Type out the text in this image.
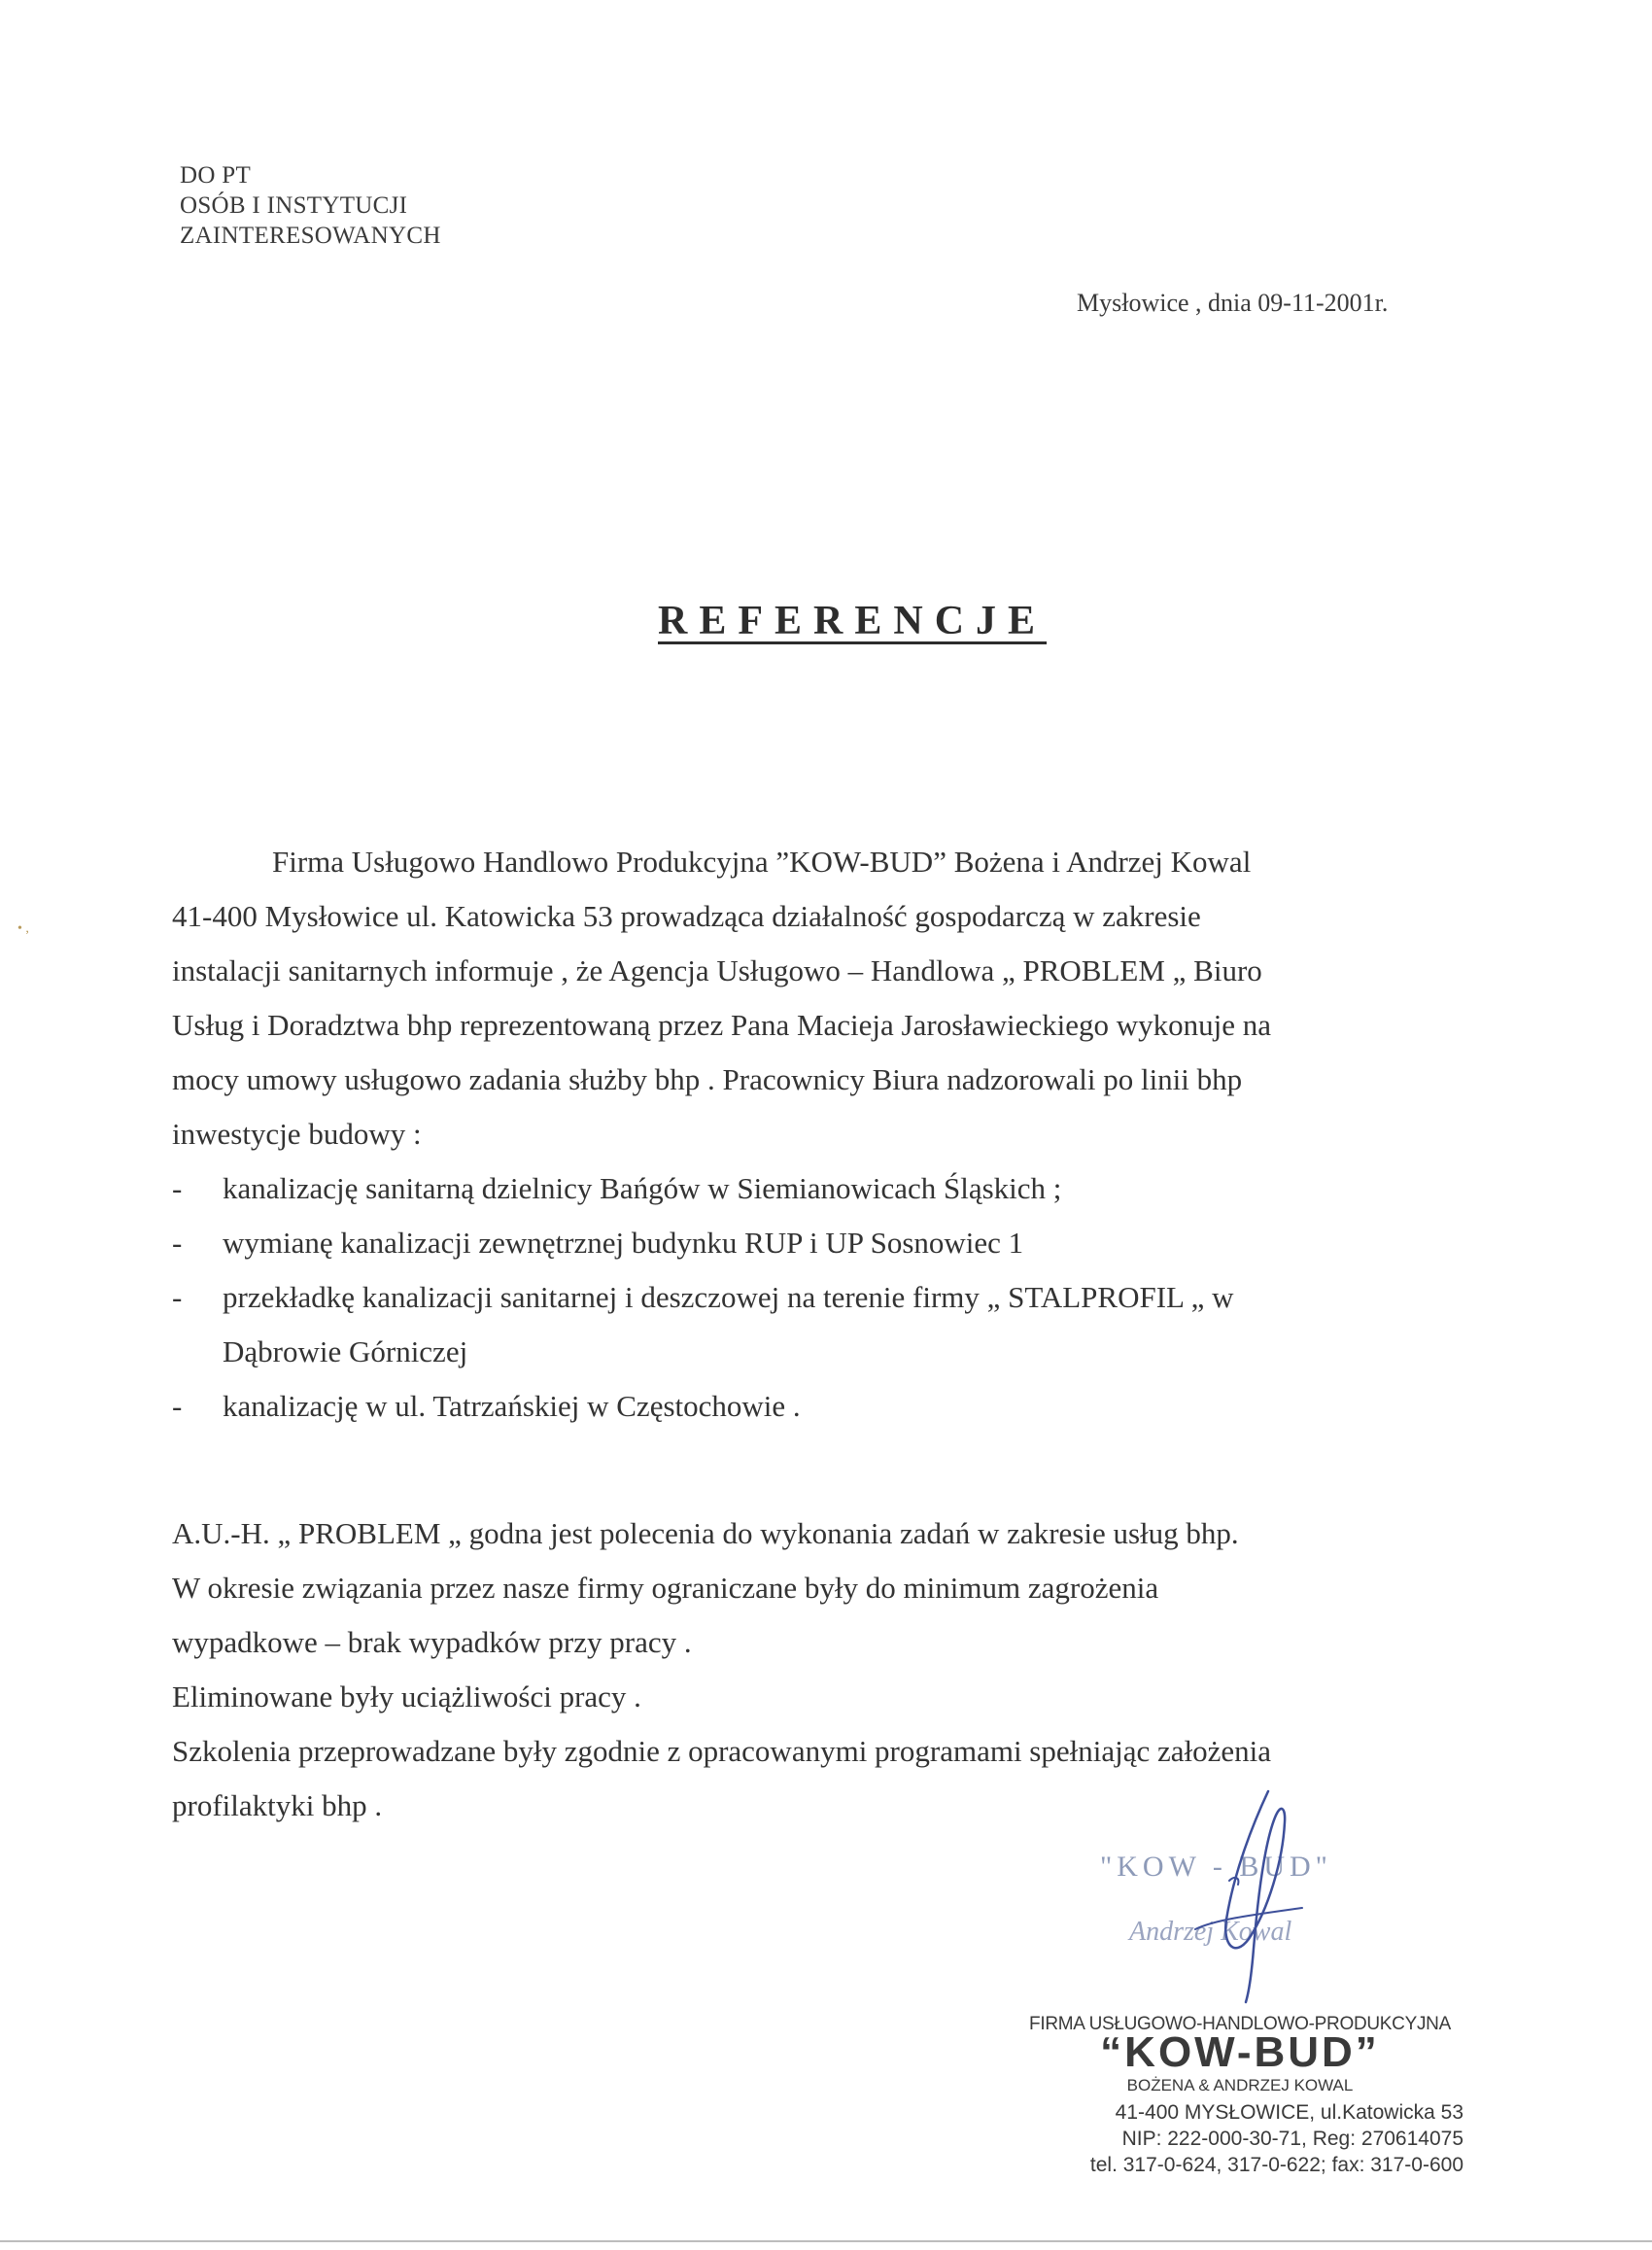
• ,
DO PT
OSÓB I INSTYTUCJI
ZAINTERESOWANYCH
Mysłowice , dnia 09-11-2001r.
REFERENCJE
Firma Usługowo Handlowo Produkcyjna ”KOW-BUD” Bożena i Andrzej Kowal
41-400 Mysłowice ul. Katowicka 53 prowadząca działalność gospodarczą w zakresie
instalacji sanitarnych informuje , że Agencja Usługowo – Handlowa „ PROBLEM „ Biuro
Usług i Doradztwa bhp reprezentowaną przez Pana Macieja Jarosławieckiego wykonuje na
mocy umowy usługowo zadania służby bhp . Pracownicy Biura nadzorowali po linii bhp
inwestycje budowy :
- kanalizację sanitarną dzielnicy Bańgów w Siemianowicach Śląskich ;
- wymianę kanalizacji zewnętrznej budynku RUP i UP Sosnowiec 1
- przekładkę kanalizacji sanitarnej i deszczowej na terenie firmy „ STALPROFIL „ w
Dąbrowie Górniczej
- kanalizację w ul. Tatrzańskiej w Częstochowie .
A.U.-H. „ PROBLEM „ godna jest polecenia do wykonania zadań w zakresie usług bhp.
W okresie związania przez nasze firmy ograniczane były do minimum zagrożenia
wypadkowe – brak wypadków przy pracy .
Eliminowane były uciążliwości pracy .
Szkolenia przeprowadzane były zgodnie z opracowanymi programami spełniając założenia
profilaktyki bhp .
"KOW - BUD"
Andrzej Kowal
FIRMA USŁUGOWO-HANDLOWO-PRODUKCYJNA
“KOW-BUD”
BOŻENA & ANDRZEJ KOWAL
41-400 MYSŁOWICE, ul.Katowicka 53
NIP: 222-000-30-71, Reg: 270614075
tel. 317-0-624, 317-0-622; fax: 317-0-600
